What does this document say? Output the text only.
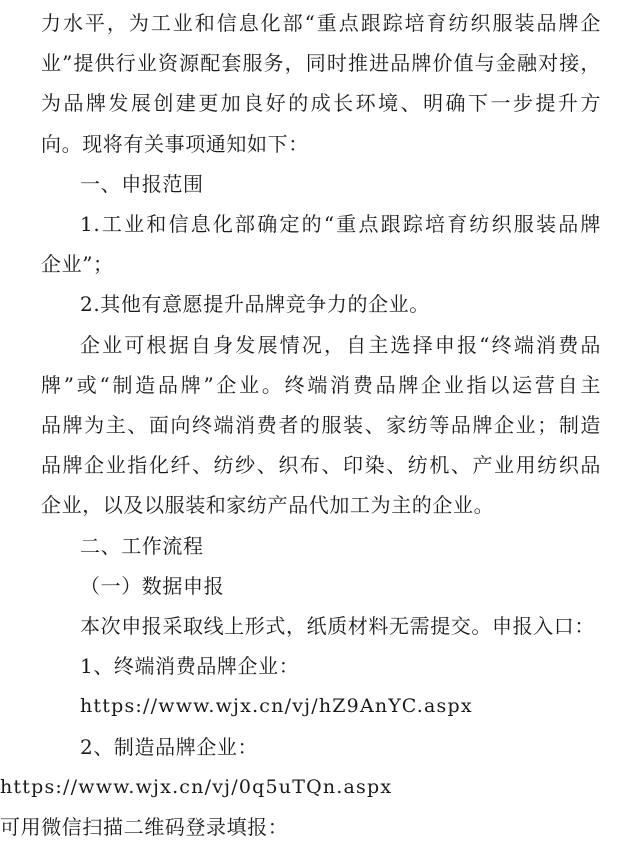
力水平，为工业和信息化部“重点跟踪培育纺织服装品牌企
业”提供行业资源配套服务，同时推进品牌价值与金融对接，
为品牌发展创建更加良好的成长环境、明确下一步提升方
向。现将有关事项通知如下：
一、申报范围
1.工业和信息化部确定的“重点跟踪培育纺织服装品牌
企业”；
2.其他有意愿提升品牌竞争力的企业。
企业可根据自身发展情况，自主选择申报“终端消费品
牌”或“制造品牌”企业。终端消费品牌企业指以运营自主
品牌为主、面向终端消费者的服装、家纺等品牌企业；制造
品牌企业指化纤、纺纱、织布、印染、纺机、产业用纺织品
企业，以及以服装和家纺产品代加工为主的企业。
二、工作流程
（一）数据申报
本次申报采取线上形式，纸质材料无需提交。申报入口：
1、终端消费品牌企业：
https://www.wjx.cn/vj/hZ9AnYC.aspx
2、制造品牌企业：
https://www.wjx.cn/vj/0q5uTQn.aspx
可用微信扫描二维码登录填报：
